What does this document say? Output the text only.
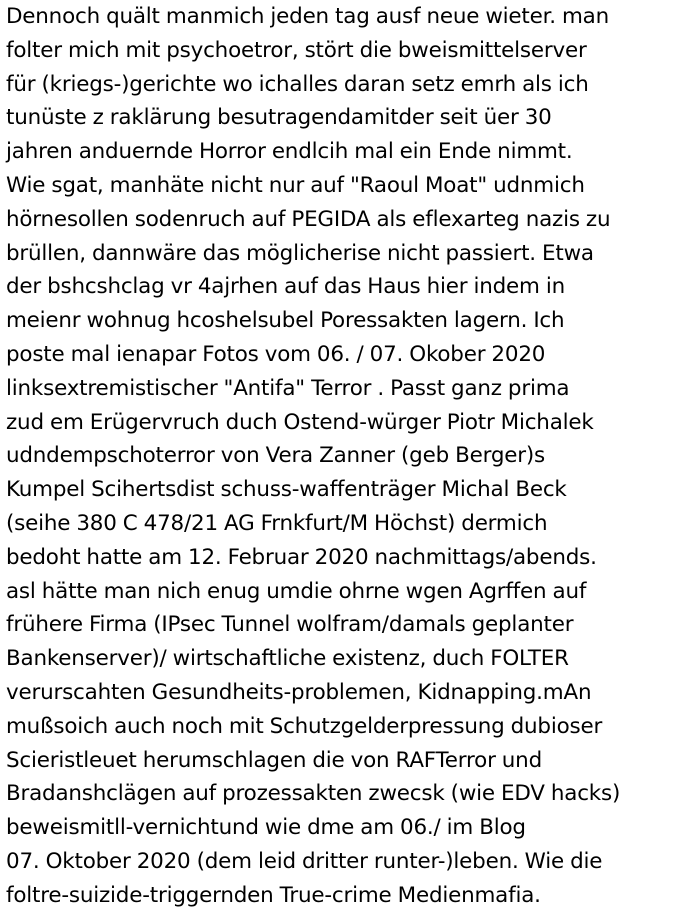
Dennoch quält manmich jeden tag ausf neue wieter. man
folter mich mit psychoetror, stört die bweismittelserver
für (kriegs-)gerichte wo ichalles daran setz emrh als ich
tunüste z raklärung besutragendamitder seit üer 30
jahren anduernde Horror endlcih mal ein Ende nimmt.
Wie sgat, manhäte nicht nur auf "Raoul Moat" udnmich
hörnesollen sodenruch auf PEGIDA als eflexarteg nazis zu
brüllen, dannwäre das möglicherise nicht passiert. Etwa
der bshcshclag vr 4ajrhen auf das Haus hier indem in
meienr wohnug hcoshelsubel Poressakten lagern. Ich
poste mal ienapar Fotos vom 06. / 07. Okober 2020
linksextremistischer "Antifa" Terror . Passt ganz prima
zud em Erügervruch duch Ostend-würger Piotr Michalek
udndempschoterror von Vera Zanner (geb Berger)s
Kumpel Scihertsdist schuss-waffenträger Michal Beck
(seihe 380 C 478/21 AG Frnkfurt/M Höchst) dermich
bedoht hatte am 12. Februar 2020 nachmittags/abends.
asl hätte man nich enug umdie ohrne wgen Agrffen auf
frühere Firma (IPsec Tunnel wolfram/damals geplanter
Bankenserver)/ wirtschaftliche existenz, duch FOLTER
verurscahten Gesundheits-problemen, Kidnapping.mAn
mußsoich auch noch mit Schutzgelderpressung dubioser
Scieristleuet herumschlagen die von RAFTerror und
Bradanshclägen auf prozessakten zwecsk (wie EDV hacks)
beweismitll-vernichtund wie dme am 06./ im Blog
07. Oktober 2020 (dem leid dritter runter-)leben. Wie die
foltre-suizide-triggernden True-crime Medienmafia.
